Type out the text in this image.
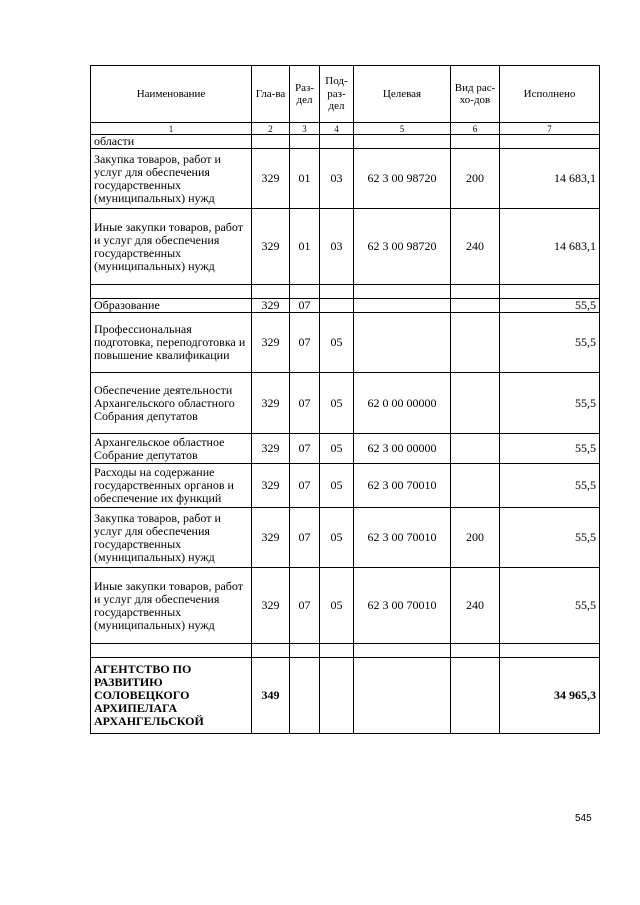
Наименование	Гла-ва	Раз-дел	Под-раз-дел	Целевая	Вид рас-хо-дов	Исполнено
1	2	3	4	5	6	7
области						
Закупка товаров, работ и услуг для обеспечения государственных (муниципальных) нужд	329	01	03	62 3 00 98720	200	14 683,1
Иные закупки товаров, работ и услуг для обеспечения государственных (муниципальных) нужд	329	01	03	62 3 00 98720	240	14 683,1

Образование	329	07				55,5
Профессиональная подготовка, переподготовка и повышение квалификации	329	07	05			55,5
Обеспечение деятельности Архангельского областного Собрания депутатов	329	07	05	62 0 00 00000		55,5
Архангельское областное Собрание депутатов	329	07	05	62 3 00 00000		55,5
Расходы на содержание государственных органов и обеспечение их функций	329	07	05	62 3 00 70010		55,5
Закупка товаров, работ и услуг для обеспечения государственных (муниципальных) нужд	329	07	05	62 3 00 70010	200	55,5
Иные закупки товаров, работ и услуг для обеспечения государственных (муниципальных) нужд	329	07	05	62 3 00 70010	240	55,5

АГЕНТСТВО ПО РАЗВИТИЮ СОЛОВЕЦКОГО АРХИПЕЛАГА АРХАНГЕЛЬСКОЙ	349					34 965,3
545
